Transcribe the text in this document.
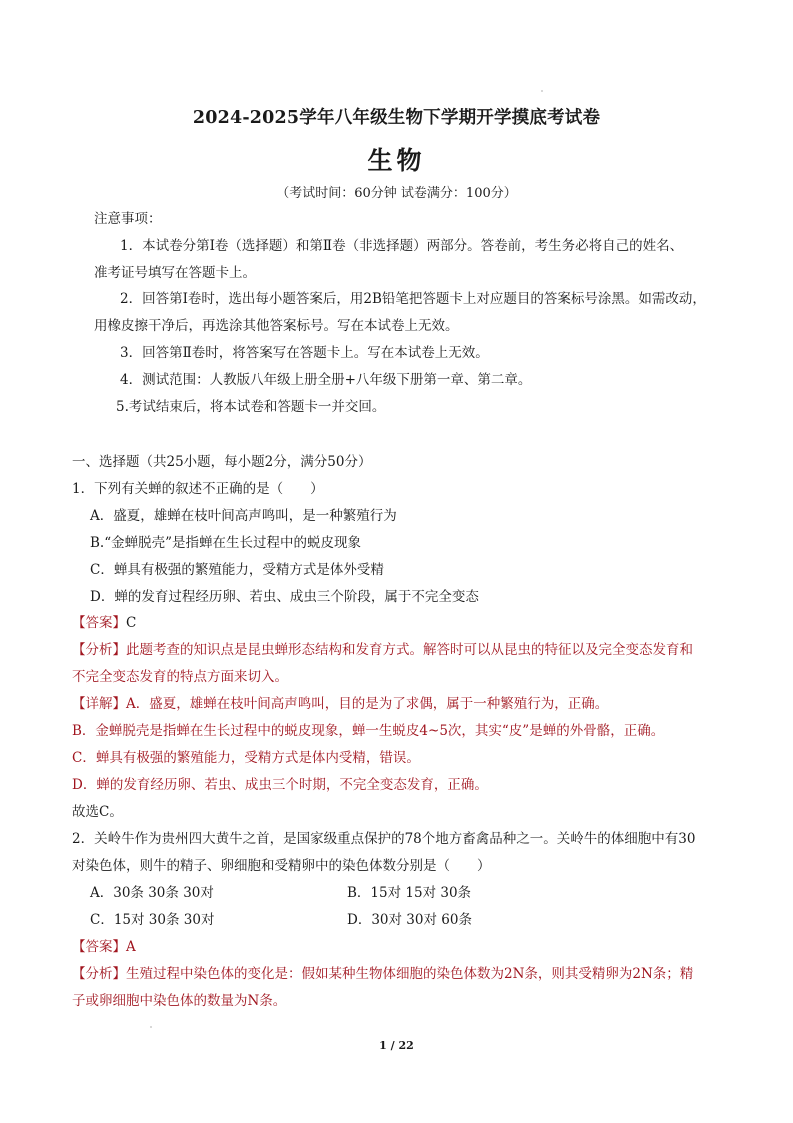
2024-2025学年八年级生物下学期开学摸底考试卷
生物
（考试时间：60分钟 试卷满分：100分）
注意事项：
1．本试卷分第Ⅰ卷（选择题）和第Ⅱ卷（非选择题）两部分。答卷前，考生务必将自己的姓名、
准考证号填写在答题卡上。
2．回答第Ⅰ卷时，选出每小题答案后，用2B铅笔把答题卡上对应题目的答案标号涂黑。如需改动，
用橡皮擦干净后，再选涂其他答案标号。写在本试卷上无效。
3．回答第Ⅱ卷时，将答案写在答题卡上。写在本试卷上无效。
4．测试范围：人教版八年级上册全册+八年级下册第一章、第二章。
5.考试结束后，将本试卷和答题卡一并交回。
一、选择题（共25小题，每小题2分，满分50分）
1．下列有关蝉的叙述不正确的是（　　）
A．盛夏，雄蝉在枝叶间高声鸣叫，是一种繁殖行为
B.“金蝉脱壳”是指蝉在生长过程中的蜕皮现象
C．蝉具有极强的繁殖能力，受精方式是体外受精
D．蝉的发育过程经历卵、若虫、成虫三个阶段，属于不完全变态
【答案】C
【分析】此题考查的知识点是昆虫蝉形态结构和发育方式。解答时可以从昆虫的特征以及完全变态发育和
不完全变态发育的特点方面来切入。
【详解】A．盛夏，雄蝉在枝叶间高声鸣叫，目的是为了求偶，属于一种繁殖行为，正确。
B．金蝉脱壳是指蝉在生长过程中的蜕皮现象，蝉一生蜕皮4~5次，其实“皮”是蝉的外骨骼，正确。
C．蝉具有极强的繁殖能力，受精方式是体内受精，错误。
D．蝉的发育经历卵、若虫、成虫三个时期，不完全变态发育，正确。
故选C。
2．关岭牛作为贵州四大黄牛之首，是国家级重点保护的78个地方畜禽品种之一。关岭牛的体细胞中有30
对染色体，则牛的精子、卵细胞和受精卵中的染色体数分别是（　　）
A．30条 30条 30对	B．15对 15对 30条
C．15对 30条 30对	D．30对 30对 60条
【答案】A
【分析】生殖过程中染色体的变化是：假如某种生物体细胞的染色体数为2N条，则其受精卵为2N条；精
子或卵细胞中染色体的数量为N条。
1 / 22
